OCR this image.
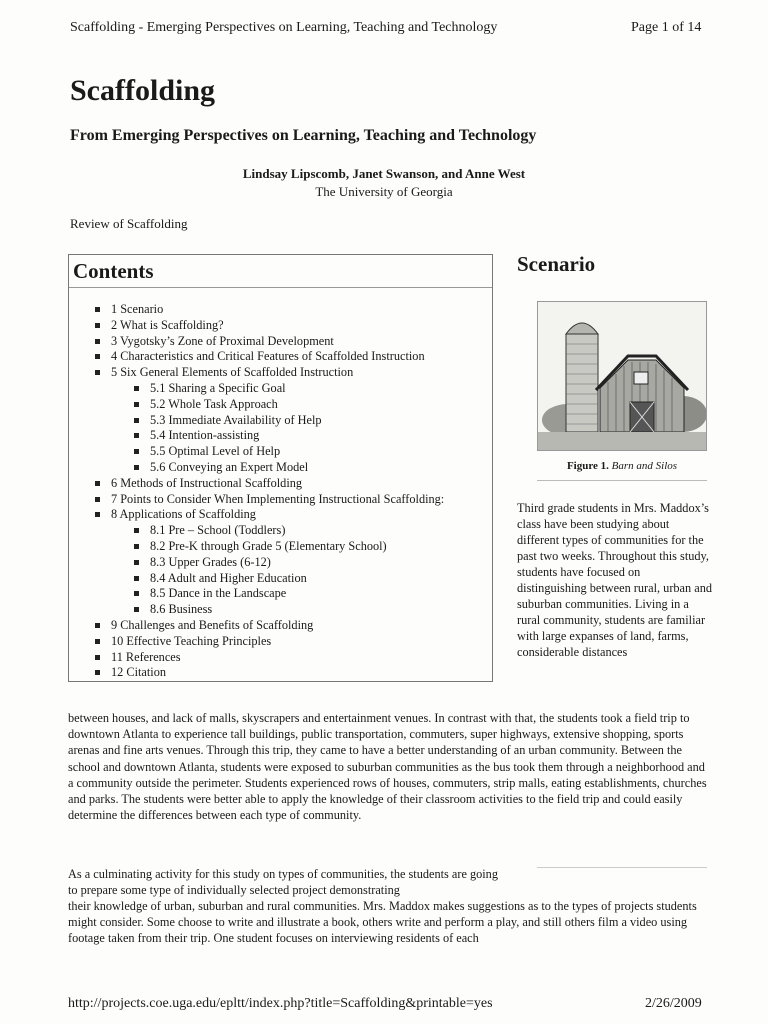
Scaffolding - Emerging Perspectives on Learning, Teaching and Technology	Page 1 of 14
Scaffolding
From Emerging Perspectives on Learning, Teaching and Technology
Lindsay Lipscomb, Janet Swanson, and Anne West
The University of Georgia
Review of Scaffolding
Contents
1 Scenario
2 What is Scaffolding?
3 Vygotsky’s Zone of Proximal Development
4 Characteristics and Critical Features of Scaffolded Instruction
5 Six General Elements of Scaffolded Instruction
5.1 Sharing a Specific Goal
5.2 Whole Task Approach
5.3 Immediate Availability of Help
5.4 Intention-assisting
5.5 Optimal Level of Help
5.6 Conveying an Expert Model
6 Methods of Instructional Scaffolding
7 Points to Consider When Implementing Instructional Scaffolding:
8 Applications of Scaffolding
8.1 Pre – School (Toddlers)
8.2 Pre-K through Grade 5 (Elementary School)
8.3 Upper Grades (6-12)
8.4 Adult and Higher Education
8.5 Dance in the Landscape
8.6 Business
9 Challenges and Benefits of Scaffolding
10 Effective Teaching Principles
11 References
12 Citation
Scenario
Figure 1. Barn and Silos
Third grade students in Mrs. Maddox’s class have been studying about different types of communities for the past two weeks. Throughout this study, students have focused on distinguishing between rural, urban and suburban communities. Living in a rural community, students are familiar with large expanses of land, farms, considerable distances
between houses, and lack of malls, skyscrapers and entertainment venues. In contrast with that, the students took a field trip to downtown Atlanta to experience tall buildings, public transportation, commuters, super highways, extensive shopping, sports arenas and fine arts venues. Through this trip, they came to have a better understanding of an urban community. Between the school and downtown Atlanta, students were exposed to suburban communities as the bus took them through a neighborhood and a community outside the perimeter. Students experienced rows of houses, commuters, strip malls, eating establishments, churches and parks. The students were better able to apply the knowledge of their classroom activities to the field trip and could easily determine the differences between each type of community.
As a culminating activity for this study on types of communities, the students are going to prepare some type of individually selected project demonstrating
their knowledge of urban, suburban and rural communities. Mrs. Maddox makes suggestions as to the types of projects students might consider. Some choose to write and illustrate a book, others write and perform a play, and still others film a video using footage taken from their trip. One student focuses on interviewing residents of each
http://projects.coe.uga.edu/epltt/index.php?title=Scaffolding&printable=yes	2/26/2009
